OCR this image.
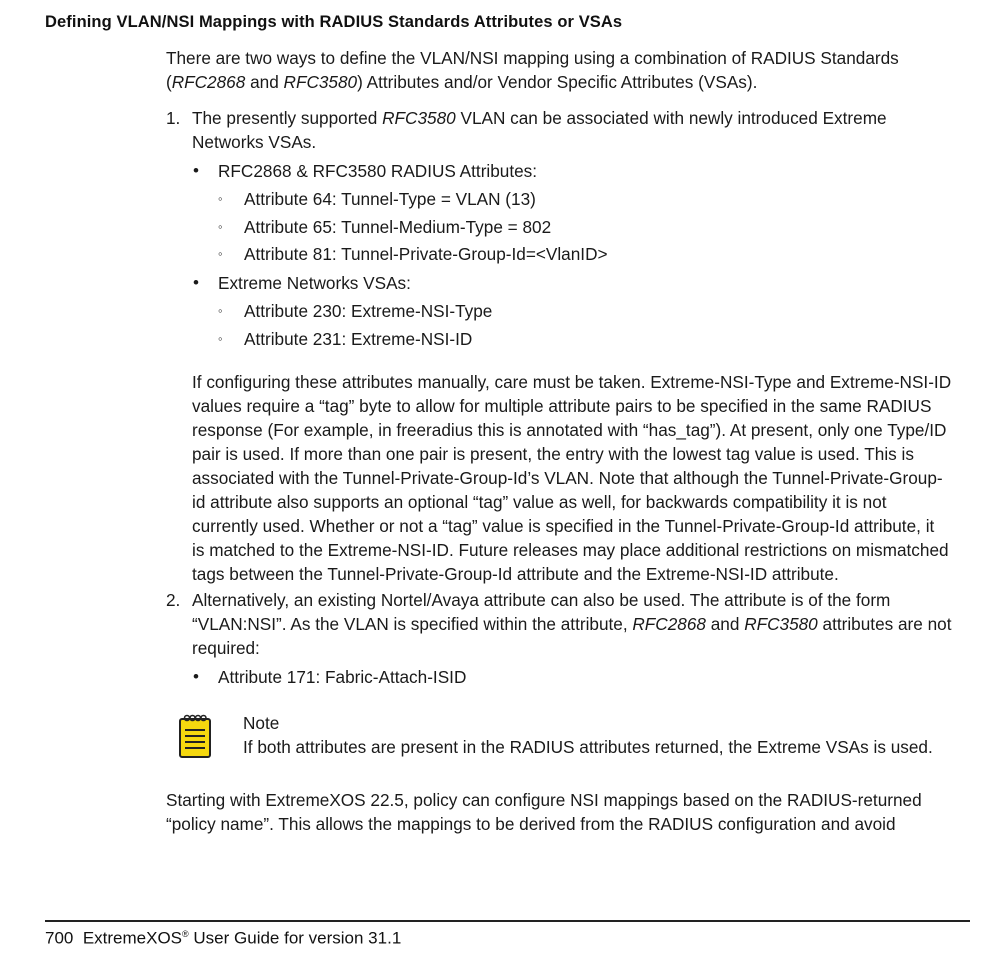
Defining VLAN/NSI Mappings with RADIUS Standards Attributes or VSAs
There are two ways to define the VLAN/NSI mapping using a combination of RADIUS Standards
(RFC2868 and RFC3580) Attributes and/or Vendor Specific Attributes (VSAs).
1. The presently supported RFC3580 VLAN can be associated with newly introduced Extreme
Networks VSAs.
• RFC2868 & RFC3580 RADIUS Attributes:
◦ Attribute 64: Tunnel-Type = VLAN (13)
◦ Attribute 65: Tunnel-Medium-Type = 802
◦ Attribute 81: Tunnel-Private-Group-Id=<VlanID>
• Extreme Networks VSAs:
◦ Attribute 230: Extreme-NSI-Type
◦ Attribute 231: Extreme-NSI-ID
If configuring these attributes manually, care must be taken. Extreme-NSI-Type and Extreme-NSI-ID
values require a “tag” byte to allow for multiple attribute pairs to be specified in the same RADIUS
response (For example, in freeradius this is annotated with “has_tag”). At present, only one Type/ID
pair is used. If more than one pair is present, the entry with the lowest tag value is used. This is
associated with the Tunnel-Private-Group-Id’s VLAN. Note that although the Tunnel-Private-Group-
id attribute also supports an optional “tag” value as well, for backwards compatibility it is not
currently used. Whether or not a “tag” value is specified in the Tunnel-Private-Group-Id attribute, it
is matched to the Extreme-NSI-ID. Future releases may place additional restrictions on mismatched
tags between the Tunnel-Private-Group-Id attribute and the Extreme-NSI-ID attribute.
2. Alternatively, an existing Nortel/Avaya attribute can also be used. The attribute is of the form
“VLAN:NSI”. As the VLAN is specified within the attribute, RFC2868 and RFC3580 attributes are not
required:
• Attribute 171: Fabric-Attach-ISID
Note
If both attributes are present in the RADIUS attributes returned, the Extreme VSAs is used.
Starting with ExtremeXOS 22.5, policy can configure NSI mappings based on the RADIUS-returned
“policy name”. This allows the mappings to be derived from the RADIUS configuration and avoid
700 ExtremeXOS® User Guide for version 31.1
